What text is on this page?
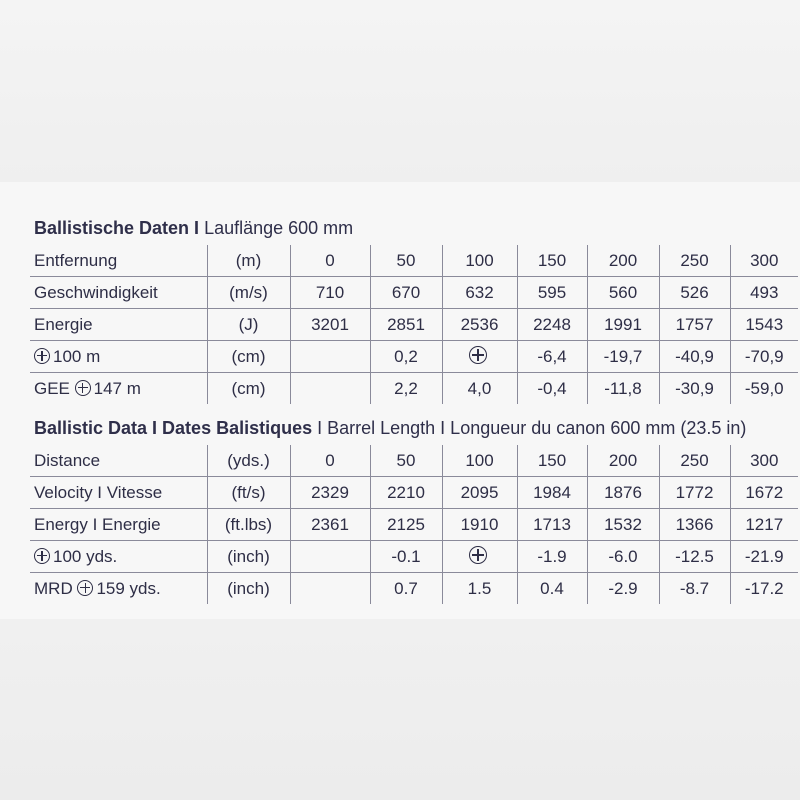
Ballistische Daten I Lauflänge 600 mm
Entfernung	(m)	0	50	100	150	200	250	300
Geschwindigkeit	(m/s)	710	670	632	595	560	526	493
Energie	(J)	3201	2851	2536	2248	1991	1757	1543
100 m	(cm)		0,2		-6,4	-19,7	-40,9	-70,9
GEE 147 m	(cm)		2,2	4,0	-0,4	-11,8	-30,9	-59,0
Ballistic Data I Dates Balistiques I Barrel Length I Longueur du canon 600 mm (23.5 in)
Distance	(yds.)	0	50	100	150	200	250	300
Velocity I Vitesse	(ft/s)	2329	2210	2095	1984	1876	1772	1672
Energy I Energie	(ft.lbs)	2361	2125	1910	1713	1532	1366	1217
100 yds.	(inch)		-0.1		-1.9	-6.0	-12.5	-21.9
MRD 159 yds.	(inch)		0.7	1.5	0.4	-2.9	-8.7	-17.2
